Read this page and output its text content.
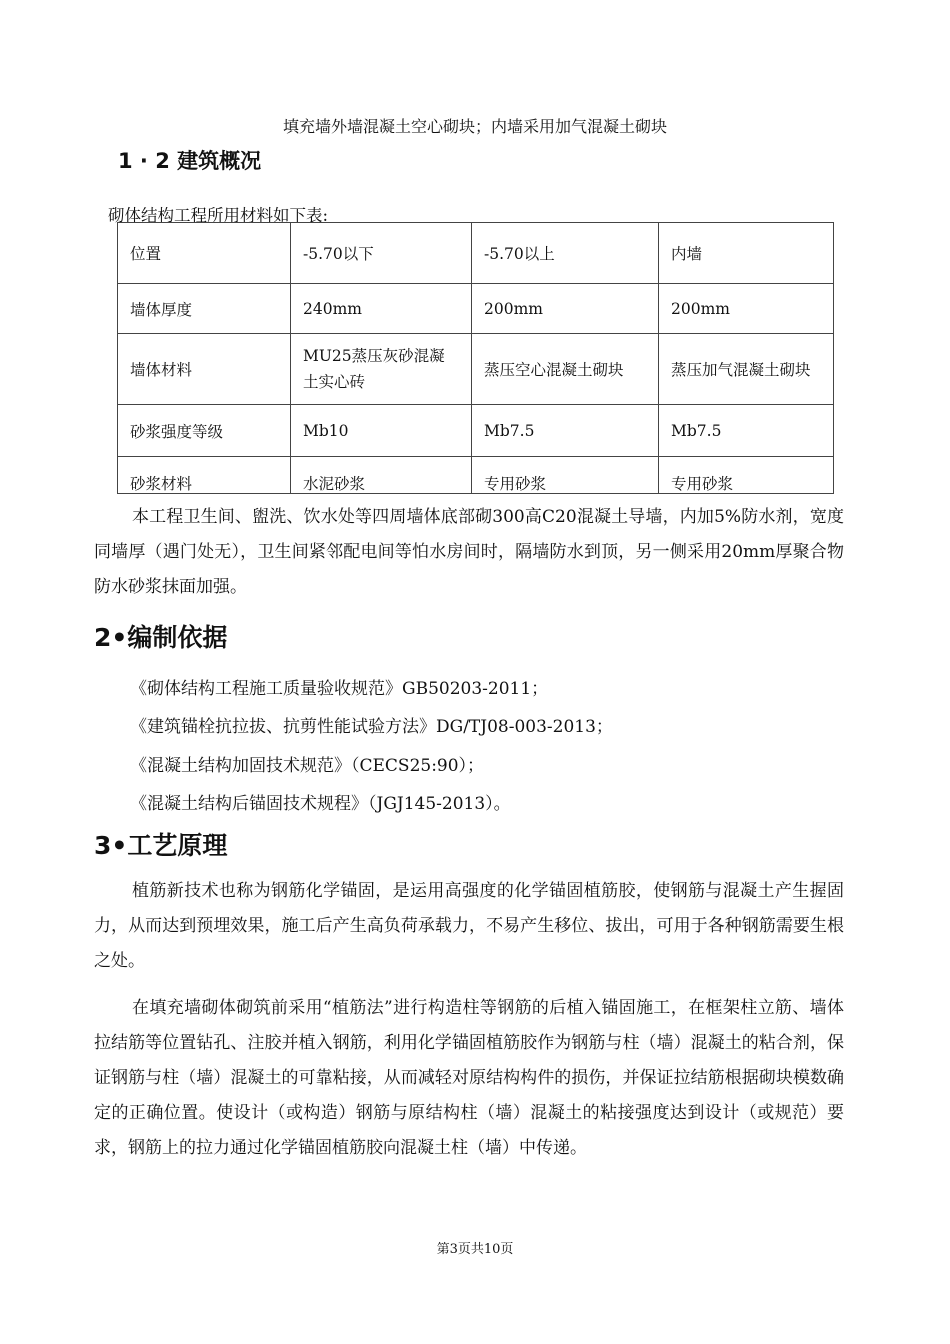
填充墙外墙混凝土空心砌块；内墙采用加气混凝土砌块
1 · 2 建筑概况
砌体结构工程所用材料如下表:
位置	-5.70以下	-5.70以上	内墙
墙体厚度	240mm	200mm	200mm
墙体材料	MU25蒸压灰砂混凝土实心砖	蒸压空心混凝土砌块	蒸压加气混凝土砌块
砂浆强度等级	Mb10	Mb7.5	Mb7.5

砂浆材料	水泥砂浆	专用砂浆	专用砂浆
本工程卫生间、盥洗、饮水处等四周墙体底部砌300高C20混凝土导墙，内加5%防水剂，宽度同墙厚（遇门处无），卫生间紧邻配电间等怕水房间时，隔墙防水到顶，另一侧采用20mm厚聚合物防水砂浆抹面加强。
2•编制依据
《砌体结构工程施工质量验收规范》GB50203-2011；
《建筑锚栓抗拉拔、抗剪性能试验方法》DG/TJ08-003-2013；
《混凝土结构加固技术规范》（CECS25:90）；
《混凝土结构后锚固技术规程》（JGJ145-2013）。
3•工艺原理
植筋新技术也称为钢筋化学锚固，是运用高强度的化学锚固植筋胶，使钢筋与混凝土产生握固力，从而达到预埋效果，施工后产生高负荷承载力，不易产生移位、拔出，可用于各种钢筋需要生根之处。
在填充墙砌体砌筑前采用“植筋法”进行构造柱等钢筋的后植入锚固施工，在框架柱立筋、墙体拉结筋等位置钻孔、注胶并植入钢筋，利用化学锚固植筋胶作为钢筋与柱（墙）混凝土的粘合剂，保证钢筋与柱（墙）混凝土的可靠粘接，从而减轻对原结构构件的损伤，并保证拉结筋根据砌块模数确定的正确位置。使设计（或构造）钢筋与原结构柱（墙）混凝土的粘接强度达到设计（或规范）要求，钢筋上的拉力通过化学锚固植筋胶向混凝土柱（墙）中传递。
第3页共10页
